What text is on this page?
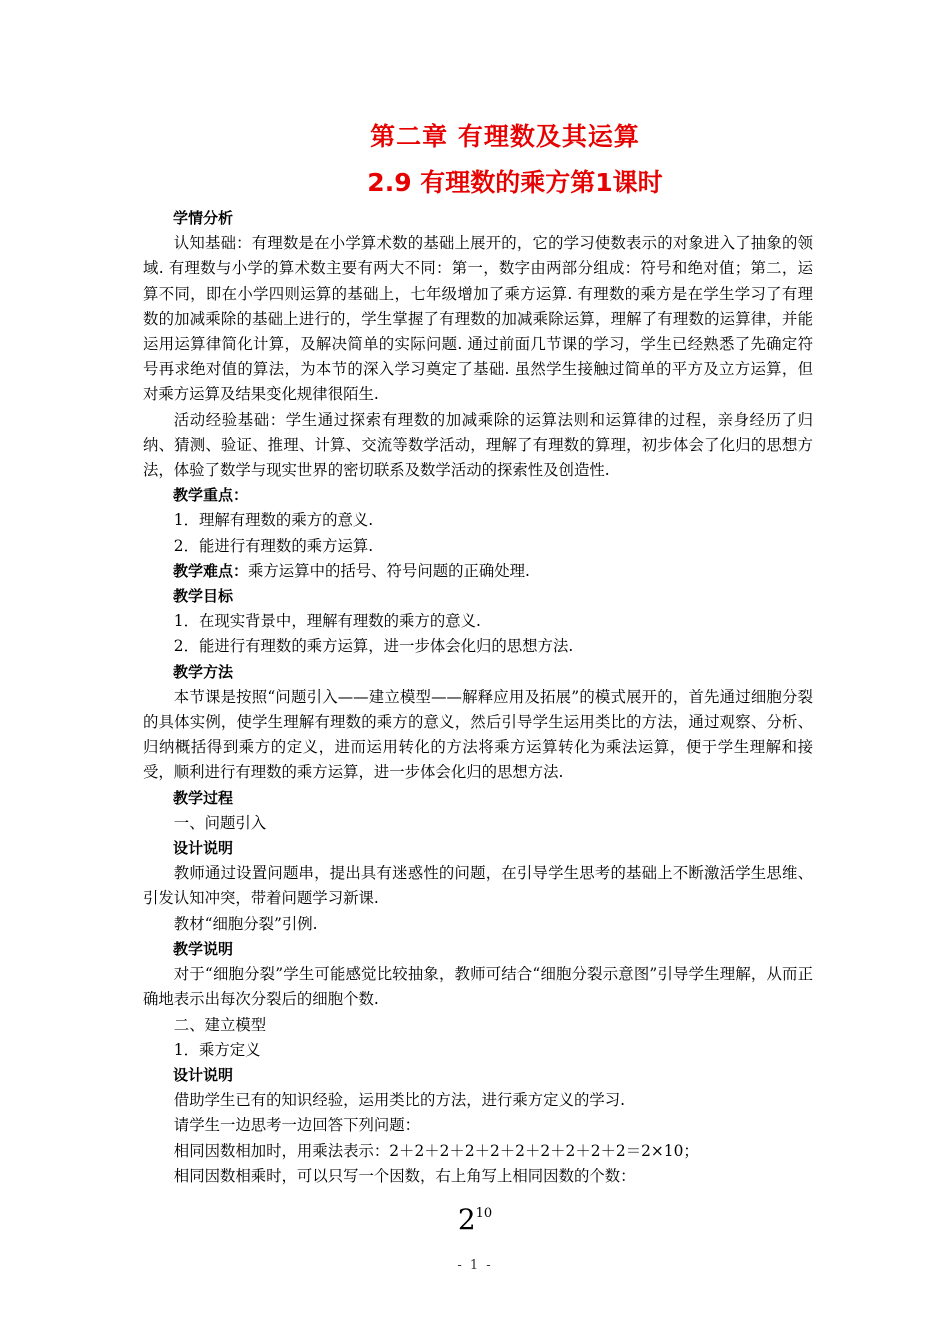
第二章 有理数及其运算
2.9 有理数的乘方第1课时

学情分析

认知基础：有理数是在小学算术数的基础上展开的，它的学习使数表示的对象进入了抽象的领域. 有理数与小学的算术数主要有两大不同：第一，数字由两部分组成：符号和绝对值；第二，运算不同，即在小学四则运算的基础上，七年级增加了乘方运算. 有理数的乘方是在学生学习了有理数的加减乘除的基础上进行的，学生掌握了有理数的加减乘除运算，理解了有理数的运算律，并能运用运算律简化计算，及解决简单的实际问题. 通过前面几节课的学习，学生已经熟悉了先确定符号再求绝对值的算法，为本节的深入学习奠定了基础. 虽然学生接触过简单的平方及立方运算，但对乘方运算及结果变化规律很陌生.

活动经验基础：学生通过探索有理数的加减乘除的运算法则和运算律的过程，亲身经历了归纳、猜测、验证、推理、计算、交流等数学活动，理解了有理数的算理，初步体会了化归的思想方法，体验了数学与现实世界的密切联系及数学活动的探索性及创造性.

教学重点：

1．理解有理数的乘方的意义.

2．能进行有理数的乘方运算.

教学难点：乘方运算中的括号、符号问题的正确处理.

教学目标

1．在现实背景中，理解有理数的乘方的意义.

2．能进行有理数的乘方运算，进一步体会化归的思想方法.

教学方法

本节课是按照“问题引入——建立模型——解释应用及拓展”的模式展开的，首先通过细胞分裂的具体实例，使学生理解有理数的乘方的意义，然后引导学生运用类比的方法，通过观察、分析、归纳概括得到乘方的定义，进而运用转化的方法将乘方运算转化为乘法运算，便于学生理解和接受，顺利进行有理数的乘方运算，进一步体会化归的思想方法.

教学过程

一、问题引入

设计说明

教师通过设置问题串，提出具有迷惑性的问题，在引导学生思考的基础上不断激活学生思维、引发认知冲突，带着问题学习新课.

教材“细胞分裂”引例.

教学说明

对于“细胞分裂”学生可能感觉比较抽象，教师可结合“细胞分裂示意图”引导学生理解，从而正确地表示出每次分裂后的细胞个数.

二、建立模型

1．乘方定义

设计说明

借助学生已有的知识经验，运用类比的方法，进行乘方定义的学习.

请学生一边思考一边回答下列问题：

相同因数相加时，用乘法表示：2＋2＋2＋2＋2＋2＋2＋2＋2＋2＝2×10；

相同因数相乘时，可以只写一个因数，右上角写上相同因数的个数：

$2^{10}$
- 1 -
